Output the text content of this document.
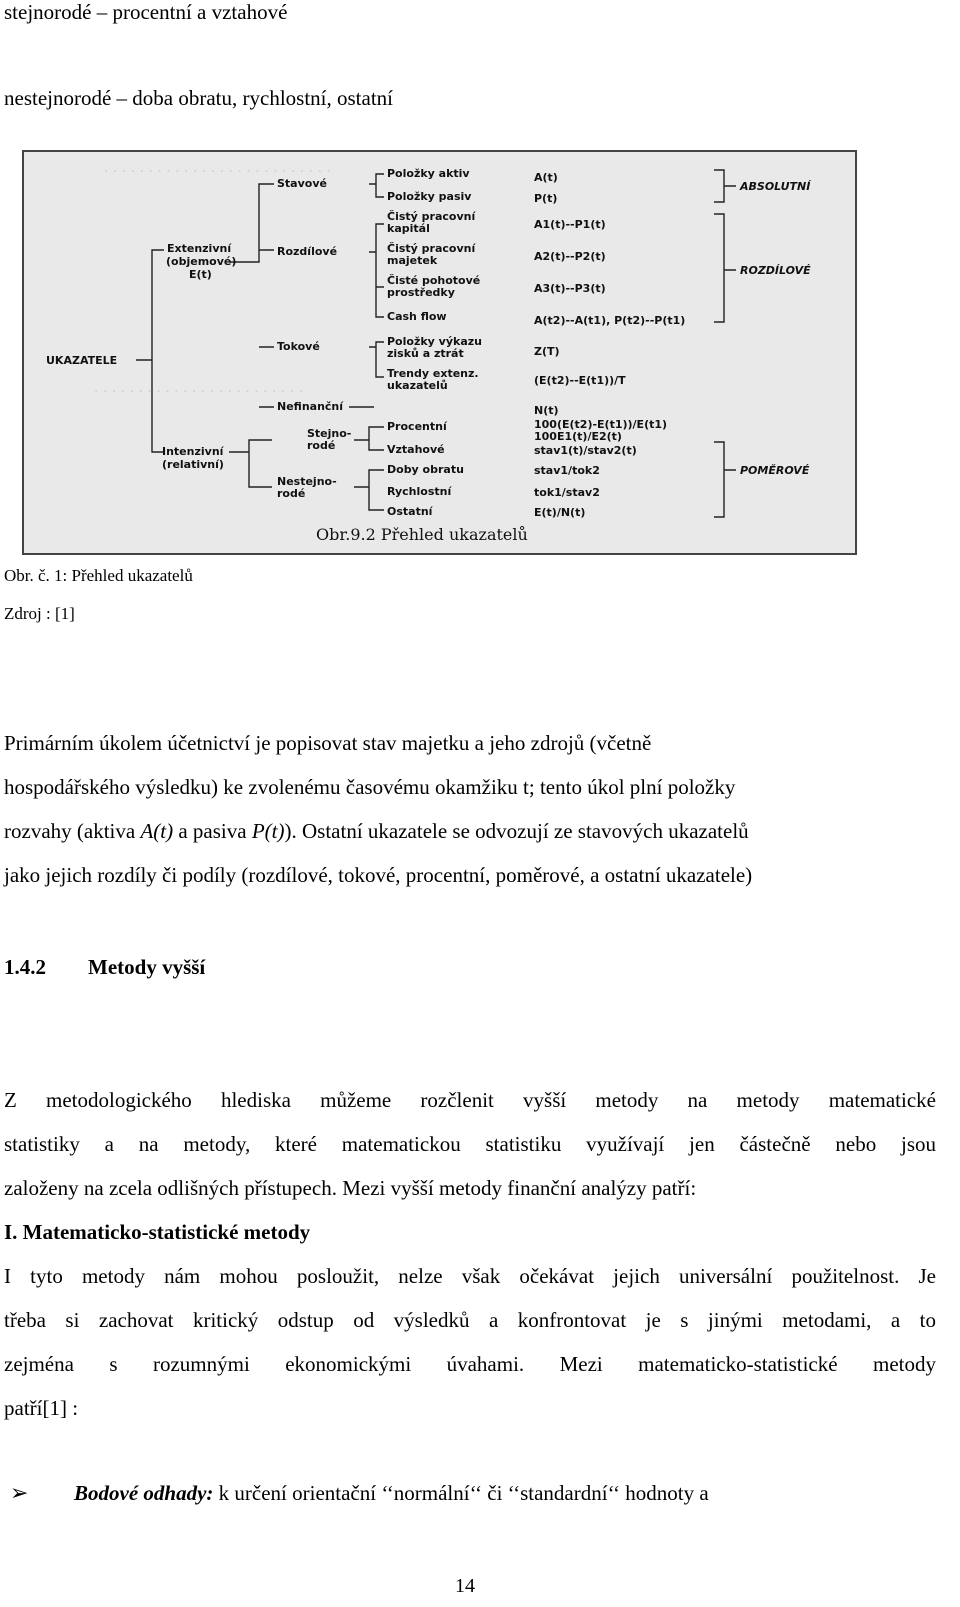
stejnorodé – procentní a vztahové
nestejnorodé – doba obratu, rychlostní, ostatní
. . . . . . . . . . . . . . . . . . . . . . . . . .
. . . . . . . . . . . . . . . . . . . . . . . .
UKAZATELE
Extenzivní
(objemové)
E(t)
Intenzivní
(relativní)
Stavové
Rozdílové
Tokové
Nefinanční
Stejno-
rodé
Nestejno-
rodé
Položky aktiv
Položky pasiv
Čistý pracovní
kapitál
Čistý pracovní
majetek
Čisté pohotové
prostředky
Cash flow
Položky výkazu
zisků a ztrát
Trendy extenz.
ukazatelů
Procentní
Vztahové
Doby obratu
Rychlostní
Ostatní
A(t)
P(t)
A1(t)--P1(t)
A2(t)--P2(t)
A3(t)--P3(t)
A(t2)--A(t1), P(t2)--P(t1)
Z(T)
(E(t2)--E(t1))/T
N(t)
100(E(t2)-E(t1))/E(t1)
100E1(t)/E2(t)
stav1(t)/stav2(t)
stav1/tok2
tok1/stav2
E(t)/N(t)
ABSOLUTNÍ
ROZDÍLOVÉ
POMĚROVÉ
Obr.9.2 Přehled ukazatelů
Obr. č. 1: Přehled ukazatelů
Zdroj : [1]
Primárním úkolem účetnictví je popisovat stav majetku a jeho zdrojů (včetně
hospodářského výsledku) ke zvolenému časovému okamžiku t; tento úkol plní položky
rozvahy (aktiva A(t) a pasiva P(t)). Ostatní ukazatele se odvozují ze stavových ukazatelů
jako jejich rozdíly či podíly (rozdílové, tokové, procentní, poměrové, a ostatní ukazatele)
1.4.2 Metody vyšší
Z metodologického hlediska můžeme rozčlenit vyšší metody na metody matematické
statistiky a na metody, které matematickou statistiku využívají jen částečně nebo jsou
založeny na zcela odlišných přístupech. Mezi vyšší metody finanční analýzy patří:
I. Matematicko-statistické metody
I tyto metody nám mohou posloužit, nelze však očekávat jejich universální použitelnost. Je
třeba si zachovat kritický odstup od výsledků a konfrontovat je s jinými metodami, a to
zejména s rozumnými ekonomickými úvahami. Mezi matematicko-statistické metody
patří[1] :
➢ Bodové odhady: k určení orientační ‘‘normální‘‘ či ‘‘standardní‘‘ hodnoty a
14
